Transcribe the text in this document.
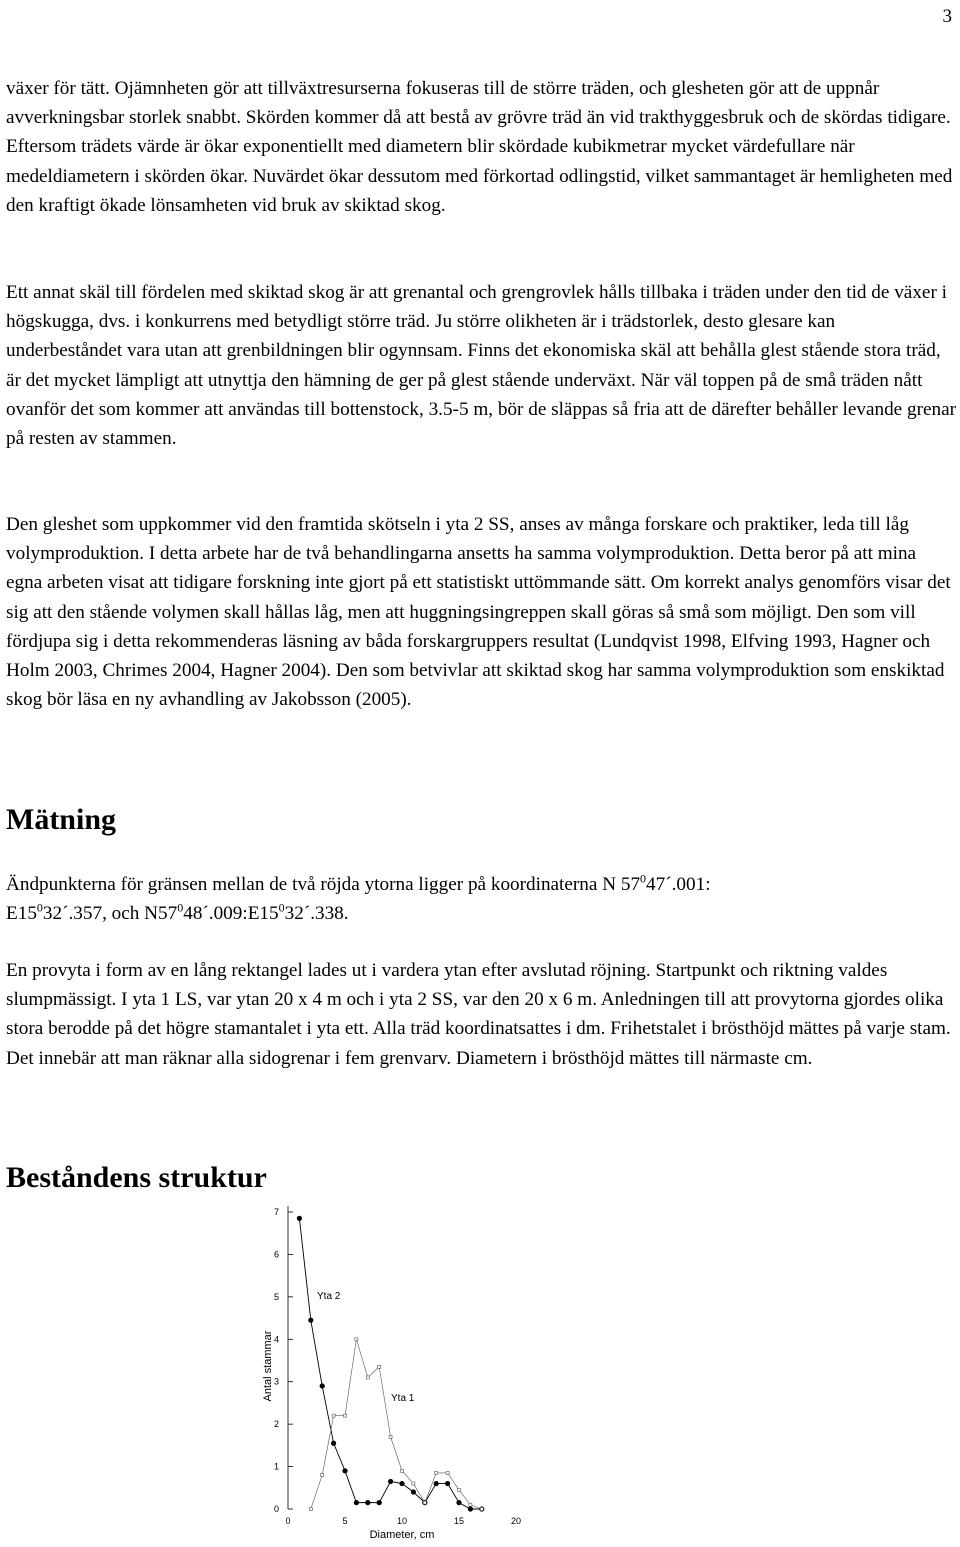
3

växer för tätt. Ojämnheten gör att tillväxtresurserna fokuseras till de större träden, och glesheten gör att de uppnår avverkningsbar storlek snabbt. Skörden kommer då att bestå av grövre träd än vid trakthyggesbruk och de skördas tidigare. Eftersom trädets värde är ökar exponentiellt med diametern blir skördade kubikmetrar mycket värdefullare när medeldiametern i skörden ökar. Nuvärdet ökar dessutom med förkortad odlingstid, vilket sammantaget är hemligheten med den kraftigt ökade lönsamheten vid bruk av skiktad skog.

Ett annat skäl till fördelen med skiktad skog är att grenantal och grengrovlek hålls tillbaka i träden under den tid de växer i högskugga, dvs. i konkurrens med betydligt större träd. Ju större olikheten är i trädstorlek, desto glesare kan underbeståndet vara utan att grenbildningen blir ogynnsam. Finns det ekonomiska skäl att behålla glest stående stora träd, är det mycket lämpligt att utnyttja den hämning de ger på glest stående underväxt. När väl toppen på de små träden nått ovanför det som kommer att användas till bottenstock, 3.5-5 m, bör de släppas så fria att de därefter behåller levande grenar på resten av stammen.

Den gleshet som uppkommer vid den framtida skötseln i yta 2 SS, anses av många forskare och praktiker, leda till låg volymproduktion. I detta arbete har de två behandlingarna ansetts ha samma volymproduktion. Detta beror på att mina egna arbeten visat att tidigare forskning inte gjort på ett statistiskt uttömmande sätt. Om korrekt analys genomförs visar det sig att den stående volymen skall hållas låg, men att huggningsingreppen skall göras så små som möjligt. Den som vill fördjupa sig i detta rekommenderas läsning av båda forskargruppers resultat (Lundqvist 1998, Elfving 1993, Hagner och Holm 2003, Chrimes 2004, Hagner 2004). Den som betvivlar att skiktad skog har samma volymproduktion som enskiktad skog bör läsa en ny avhandling av Jakobsson (2005).

Mätning

Ändpunkterna för gränsen mellan de två röjda ytorna ligger på koordinaterna N $57^047´.001$:
$E15^032´.357$, och $N57^048´.009:E15^032´.338$.

En provyta i form av en lång rektangel lades ut i vardera ytan efter avslutad röjning. Startpunkt och riktning valdes slumpmässigt. I yta 1 LS, var ytan 20 x 4 m och i yta 2 SS, var den 20 x 6 m. Anledningen till att provytorna gjordes olika stora berodde på det högre stamantalet i yta ett. Alla träd koordinatsattes i dm. Frihetstalet i brösthöjd mättes på varje stam. Det innebär att man räknar alla sidogrenar i fem grenvarv. Diametern i brösthöjd mättes till närmaste cm.

Beståndens struktur
0
1
2
3
4
5
6
7
0	5	10	15	20
Antal stammar
Diameter, cm
Yta 2
Yta 1
